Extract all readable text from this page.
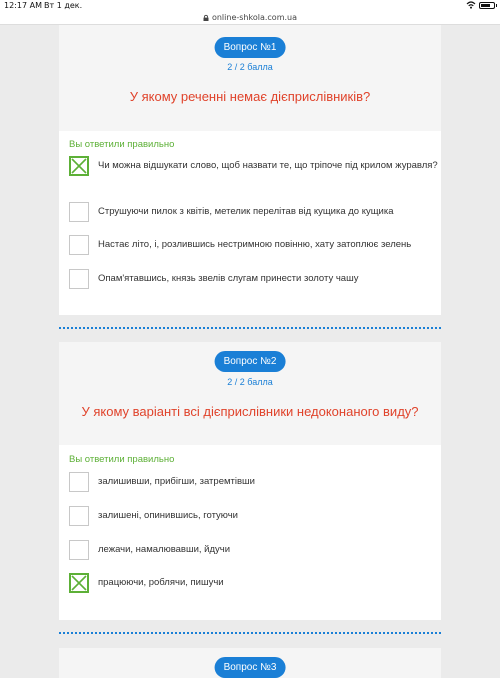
12:17 AM Вт 1 дек.
online-shkola.com.ua
Вопрос №1
2 / 2 балла
У якому реченні немає дієприслівників?
Вы ответили правильно
Чи можна відшукати слово, щоб назвати те, що тріпоче під крилом журавля?
Струшуючи пилок з квітів, метелик перелітав від кущика до кущика
Настає літо, і, розлившись нестримною повінню, хату затоплює зелень
Опам'ятавшись, князь звелів слугам принести золоту чашу
Вопрос №2
2 / 2 балла
У якому варіанті всі дієприслівники недоконаного виду?
Вы ответили правильно
залишивши, прибігши, затремтівши
залишені, опинившись, готуючи
лежачи, намалювавши, йдучи
працюючи, роблячи, пишучи
Вопрос №3
